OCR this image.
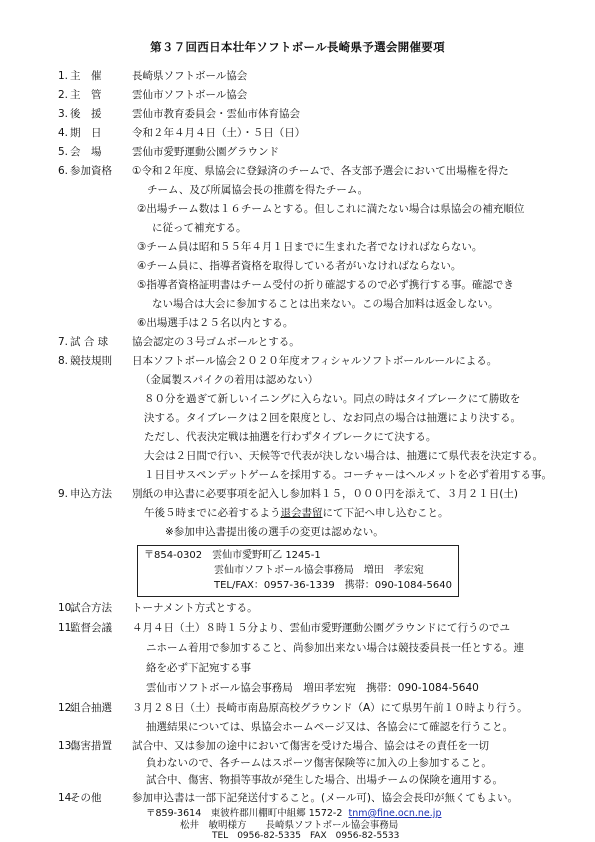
第３７回西日本壮年ソフトボール長崎県予選会開催要項
1. 主　催	長崎県ソフトボール協会
2. 主　管	雲仙市ソフトボール協会
3. 後　援	雲仙市教育委員会・雲仙市体育協会
4. 期　日	令和２年４月４日（土）・５日（日）
5. 会　場	雲仙市愛野運動公園グラウンド
6. 参加資格 ①令和２年度、県協会に登録済のチームで、各支部予選会において出場権を得た
チーム、及び所属協会長の推薦を得たチーム。
②出場チーム数は１６チームとする。但しこれに満たない場合は県協会の補充順位
に従って補充する。
③チーム員は昭和５５年４月１日までに生まれた者でなければならない。
④チーム員に、指導者資格を取得している者がいなければならない。
⑤指導者資格証明書はチーム受付の折り確認するので必ず携行する事。確認でき
ない場合は大会に参加することは出来ない。この場合加料は返金しない。
⑥出場選手は２５名以内とする。
7. 試 合 球 協会認定の３号ゴムボールとする。
8. 競技規則 日本ソフトボール協会２０２０年度オフィシャルソフトボールルールによる。
（金属製スパイクの着用は認めない）
８０分を過ぎて新しいイニングに入らない。同点の時はタイブレークにて勝敗を
決する。タイブレークは２回を限度とし、なお同点の場合は抽選により決する。
ただし、代表決定戦は抽選を行わずタイブレークにて決する。
大会は２日間で行い、天候等で代表が決しない場合は、抽選にて県代表を決定する。
１日目サスペンデットゲームを採用する。コーチャーはヘルメットを必ず着用する事。
9. 申込方法 別紙の申込書に必要事項を記入し参加料１５，０００円を添えて、３月２１日(土)
午後５時までに必着するよう退会書留にて下記へ申し込むこと。
※参加申込書提出後の選手の変更は認めない。
〒854-0302　雲仙市愛野町乙 1245-1
雲仙市ソフトボール協会事務局　増田　孝宏宛
TEL/FAX：0957-36-1339　携帯：090-1084-5640
10.試合方法 トーナメント方式とする。
11.監督会議 ４月４日（土）８時１５分より、雲仙市愛野運動公園グラウンドにて行うのでユ
ニホーム着用で参加すること、尚参加出来ない場合は競技委員長一任とする。連
絡を必ず下記宛する事
雲仙市ソフトボール協会事務局　増田孝宏宛　携帯：090-1084-5640
12.組合抽選 ３月２８日（土）長崎市南島原高校グラウンド（A）にて県男午前１０時より行う。
抽選結果については、県協会ホームページ又は、各協会にて確認を行うこと。
13.傷害措置 試合中、又は参加の途中において傷害を受けた場合、協会はその責任を一切
負わないので、各チームはスポーツ傷害保険等に加入の上参加すること。
試合中、傷害、物損等事故が発生した場合、出場チームの保険を適用する。
14.その他	参加申込書は一部下記発送付すること。(メール可)、協会会長印が無くてもよい。
〒859-3614　東彼杵郡川棚町中組郷 1572-2 tnm@fine.ocn.ne.jp
松井　敏明様方　　長崎県ソフトボール協会事務局
TEL　0956-82-5335　FAX　0956-82-5533
